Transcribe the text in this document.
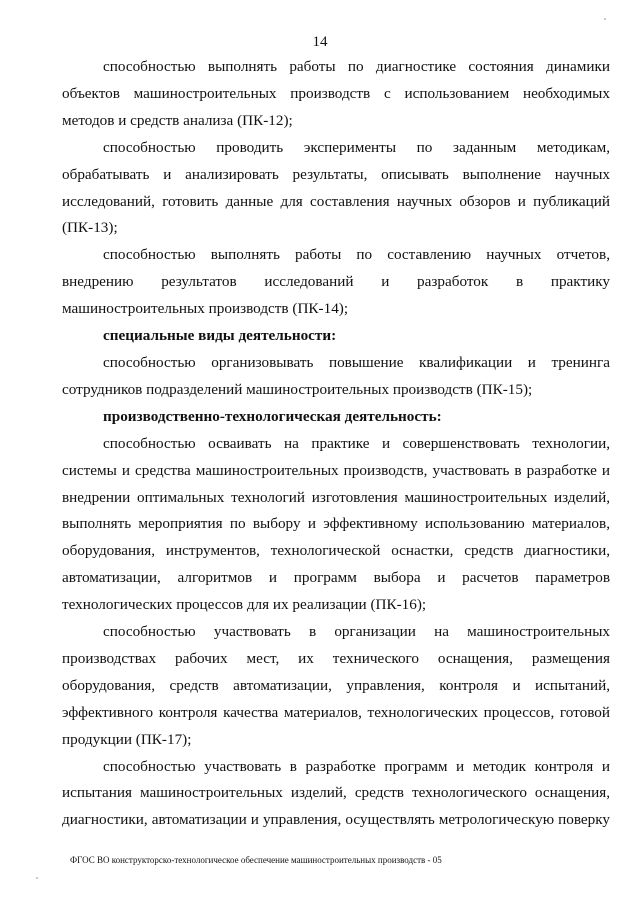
14

способностью выполнять работы по диагностике состояния динамики объектов машиностроительных производств с использованием необходимых методов и средств анализа (ПК-12);

способностью проводить эксперименты по заданным методикам, обрабатывать и анализировать результаты, описывать выполнение научных исследований, готовить данные для составления научных обзоров и публикаций (ПК-13);

способностью выполнять работы по составлению научных отчетов, внедрению результатов исследований и разработок в практику машиностроительных производств (ПК-14);

специальные виды деятельности:

способностью организовывать повышение квалификации и тренинга сотрудников подразделений машиностроительных производств (ПК-15);

производственно-технологическая деятельность:

способностью осваивать на практике и совершенствовать технологии, системы и средства машиностроительных производств, участвовать в разработке и внедрении оптимальных технологий изготовления машиностроительных изделий, выполнять мероприятия по выбору и эффективному использованию материалов, оборудования, инструментов, технологической оснастки, средств диагностики, автоматизации, алгоритмов и программ выбора и расчетов параметров технологических процессов для их реализации (ПК-16);

способностью участвовать в организации на машиностроительных производствах рабочих мест, их технического оснащения, размещения оборудования, средств автоматизации, управления, контроля и испытаний, эффективного контроля качества материалов, технологических процессов, готовой продукции (ПК-17);

способностью участвовать в разработке программ и методик контроля и испытания машиностроительных изделий, средств технологического оснащения, диагностики, автоматизации и управления, осуществлять метрологическую поверку

ФГОС ВО конструкторско-технологическое обеспечение машиностроительных производств - 05
